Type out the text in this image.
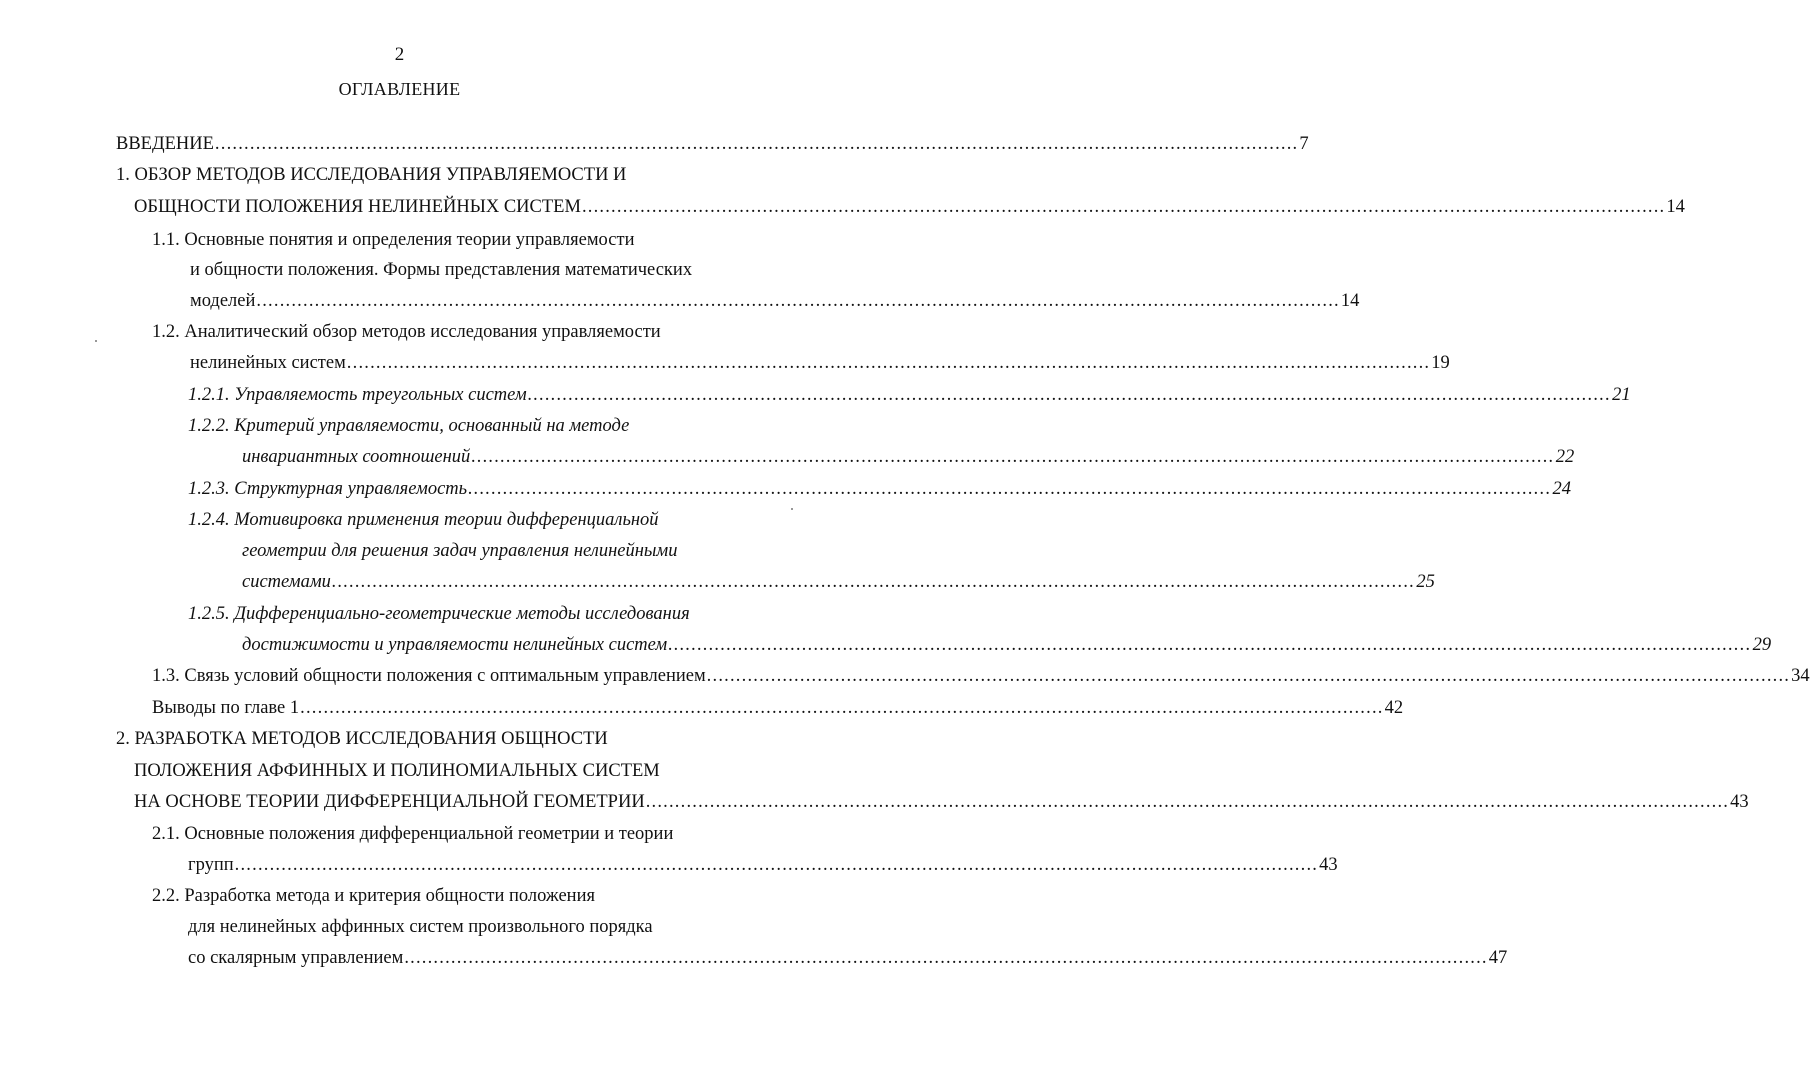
2
ОГЛАВЛЕНИЕ
ВВЕДЕНИЕ .......................................................................................................................................................................................... 7
1. ОБЗОР МЕТОДОВ ИССЛЕДОВАНИЯ УПРАВЛЯЕМОСТИ И
ОБЩНОСТИ ПОЛОЖЕНИЯ НЕЛИНЕЙНЫХ СИСТЕМ .......................................................................................................................................................................................... 14
1.1. Основные понятия и определения теории управляемости
и общности положения. Формы представления математических
моделей .......................................................................................................................................................................................... 14
1.2. Аналитический обзор методов исследования управляемости
нелинейных систем .......................................................................................................................................................................................... 19
1.2.1. Управляемость треугольных систем .......................................................................................................................................................................................... 21
1.2.2. Критерий управляемости, основанный на методе
инвариантных соотношений .......................................................................................................................................................................................... 22
1.2.3. Структурная управляемость .......................................................................................................................................................................................... 24
1.2.4. Мотивировка применения теории дифференциальной
геометрии для решения задач управления нелинейными
системами .......................................................................................................................................................................................... 25
1.2.5. Дифференциально-геометрические методы исследования
достижимости и управляемости нелинейных систем .......................................................................................................................................................................................... 29
1.3. Связь условий общности положения с оптимальным управлением .......................................................................................................................................................................................... 34
Выводы по главе 1 .......................................................................................................................................................................................... 42
2. РАЗРАБОТКА МЕТОДОВ ИССЛЕДОВАНИЯ ОБЩНОСТИ
ПОЛОЖЕНИЯ АФФИННЫХ И ПОЛИНОМИАЛЬНЫХ СИСТЕМ
НА ОСНОВЕ ТЕОРИИ ДИФФЕРЕНЦИАЛЬНОЙ ГЕОМЕТРИИ .......................................................................................................................................................................................... 43
2.1. Основные положения дифференциальной геометрии и теории
групп .......................................................................................................................................................................................... 43
2.2. Разработка метода и критерия общности положения
для нелинейных аффинных систем произвольного порядка
со скалярным управлением .......................................................................................................................................................................................... 47
